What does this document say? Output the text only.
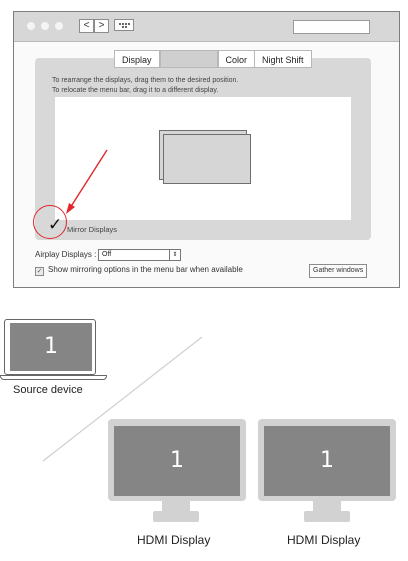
< >
Display	Color	Night Shift
To rearrange the displays, drag them to the desired position.
To relocate the menu bar, drag it to a different display.
✓ Mirror Displays
Airplay Displays : Off	⇕
✓ Show mirroring options in the menu bar when available	Gather windows
1
Source device
1
HDMI Display
1
HDMI Display
